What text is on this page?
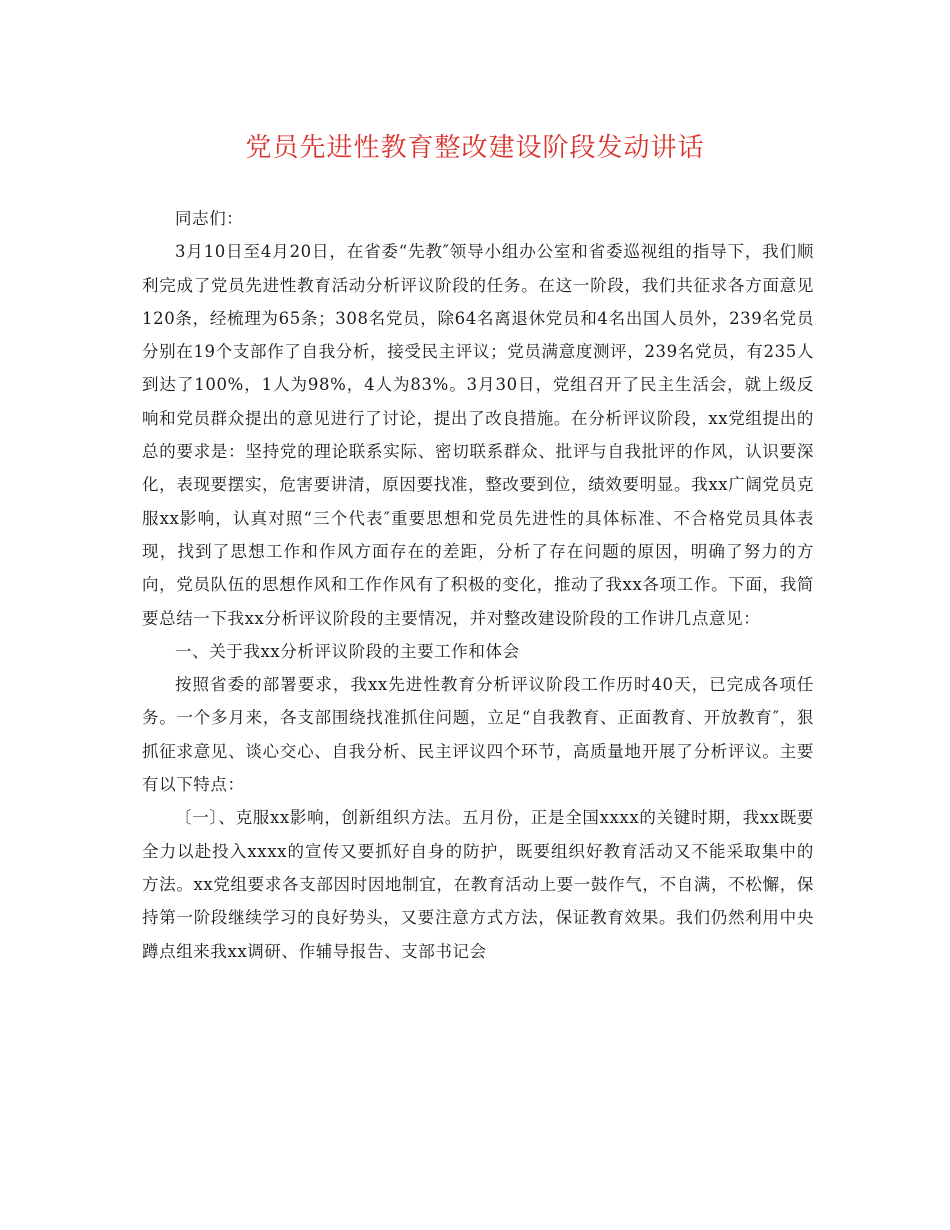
党员先进性教育整改建设阶段发动讲话

同志们：

3月10日至4月20日，在省委“先教″领导小组办公室和省委巡视组的指导下，我们顺利完成了党员先进性教育活动分析评议阶段的任务。在这一阶段，我们共征求各方面意见120条，经梳理为65条；308名党员，除64名离退休党员和4名出国人员外，239名党员分别在19个支部作了自我分析，接受民主评议；党员满意度测评，239名党员，有235人到达了100%，1人为98%，4人为83%。3月30日，党组召开了民主生活会，就上级反响和党员群众提出的意见进行了讨论，提出了改良措施。在分析评议阶段，xx党组提出的总的要求是：坚持党的理论联系实际、密切联系群众、批评与自我批评的作风，认识要深化，表现要摆实，危害要讲清，原因要找准，整改要到位，绩效要明显。我xx广阔党员克服xx影响，认真对照“三个代表″重要思想和党员先进性的具体标准、不合格党员具体表现，找到了思想工作和作风方面存在的差距，分析了存在问题的原因，明确了努力的方向，党员队伍的思想作风和工作作风有了积极的变化，推动了我xx各项工作。下面，我简要总结一下我xx分析评议阶段的主要情况，并对整改建设阶段的工作讲几点意见：

一、关于我xx分析评议阶段的主要工作和体会

按照省委的部署要求，我xx先进性教育分析评议阶段工作历时40天，已完成各项任务。一个多月来，各支部围绕找准抓住问题，立足“自我教育、正面教育、开放教育″，狠抓征求意见、谈心交心、自我分析、民主评议四个环节，高质量地开展了分析评议。主要有以下特点：

〔一〕、克服xx影响，创新组织方法。五月份，正是全国xxxx的关键时期，我xx既要全力以赴投入xxxx的宣传又要抓好自身的防护，既要组织好教育活动又不能采取集中的方法。xx党组要求各支部因时因地制宜，在教育活动上要一鼓作气，不自满，不松懈，保持第一阶段继续学习的良好势头，又要注意方式方法，保证教育效果。我们仍然利用中央蹲点组来我xx调研、作辅导报告、支部书记会
